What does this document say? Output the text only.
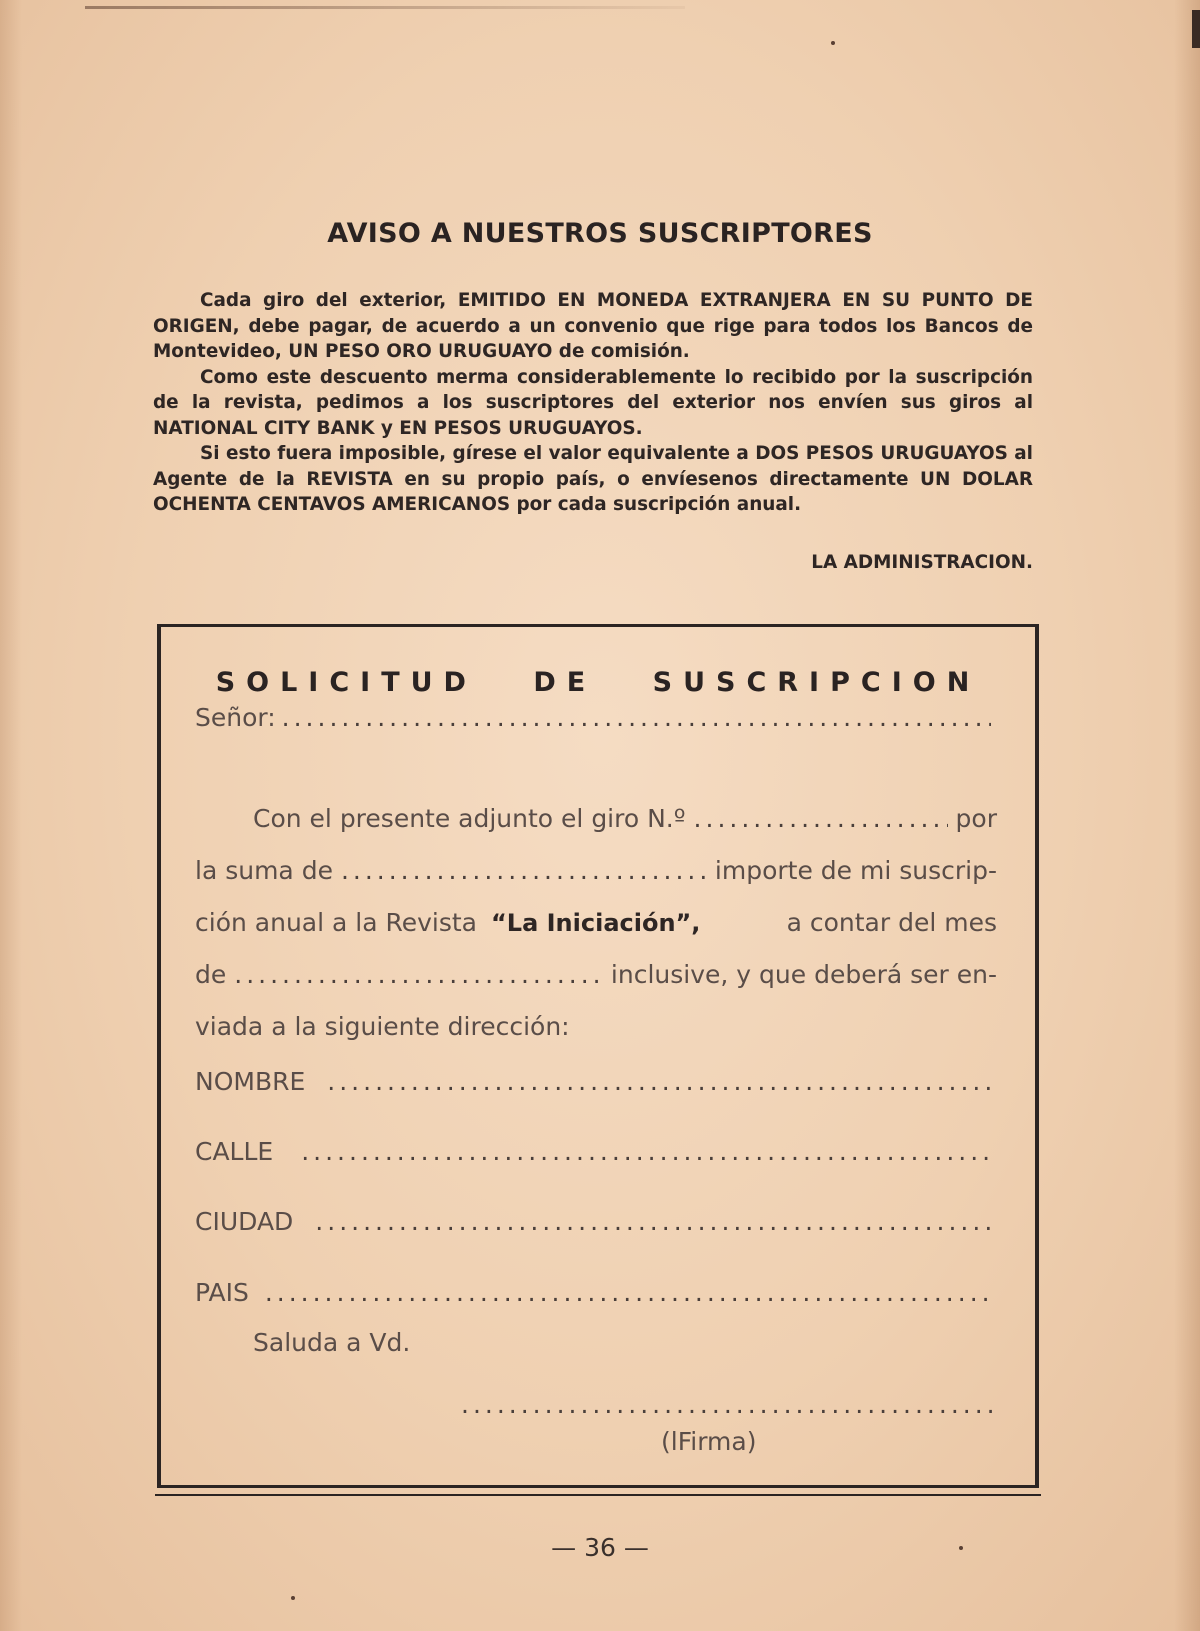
AVISO A NUESTROS SUSCRIPTORES

Cada giro del exterior, EMITIDO EN MONEDA EXTRANJERA EN SU PUNTO DE ORIGEN, debe pagar, de acuerdo a un convenio que rige para todos los Bancos de Montevideo, UN PESO ORO URUGUAYO de comisión.

Como este descuento merma considerablemente lo recibido por la suscripción de la revista, pedimos a los suscriptores del exterior nos envíen sus giros al NATIONAL CITY BANK y EN PESOS URUGUAYOS.

Si esto fuera imposible, gírese el valor equivalente a DOS PESOS URUGUAYOS al Agente de la REVISTA en su propio país, o envíesenos directamente UN DOLAR OCHENTA CENTAVOS AMERICANOS por cada suscripción anual.

LA ADMINISTRACION.
SOLICITUD DE SUSCRIPCION
Señor:
.....
Con el presente adjunto el giro N.º .....	por
la suma de .....	importe de mi suscrip-
ción anual a la Revista “La Iniciación”,	a contar del mes
de .....	inclusive, y que deberá ser en-
viada a la siguiente dirección:
NOMBRE
.....
CALLE
.....
CIUDAD
.....
PAIS
.....
Saluda a Vd.
.....
(lFirma)
— 36 —
